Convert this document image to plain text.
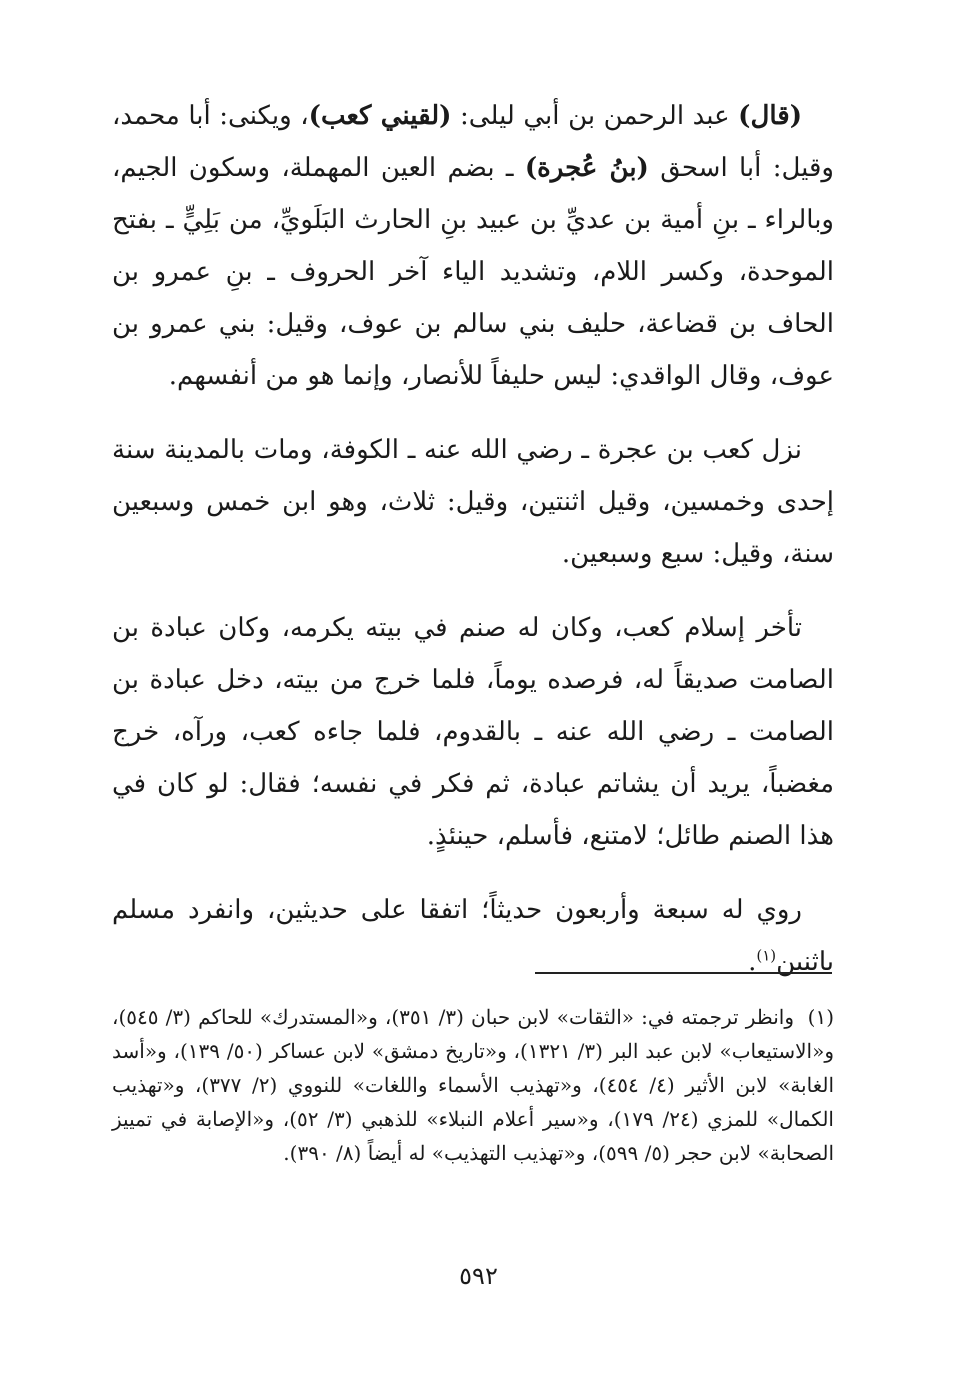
(قال) عبد الرحمن بن أبي ليلى: (لقيني كعب)، ويكنى: أبا محمد، وقيل: أبا اسحق (بنُ عُجرة) ـ بضم العين المهملة، وسكون الجيم، وبالراء ـ بنِ أمية بن عديِّ بن عبيد بنِ الحارث البَلَويِّ، من بَلِيٍّ ـ بفتح الموحدة، وكسر اللام، وتشديد الياء آخر الحروف ـ بنِ عمرو بن الحاف بن قضاعة، حليف بني سالم بن عوف، وقيل: بني عمرو بن عوف، وقال الواقدي: ليس حليفاً للأنصار، وإنما هو من أنفسهم.

نزل كعب بن عجرة ـ رضي الله عنه ـ الكوفة، ومات بالمدينة سنة إحدى وخمسين، وقيل اثنتين، وقيل: ثلاث، وهو ابن خمس وسبعين سنة، وقيل: سبع وسبعين.

تأخر إسلام كعب، وكان له صنم في بيته يكرمه، وكان عبادة بن الصامت صديقاً له، فرصده يوماً، فلما خرج من بيته، دخل عبادة بن الصامت ـ رضي الله عنه ـ بالقدوم، فلما جاءه كعب، ورآه، خرج مغضباً، يريد أن يشاتم عبادة، ثم فكر في نفسه؛ فقال: لو كان في هذا الصنم طائل؛ لامتنع، فأسلم، حينئذٍ.

روي له سبعة وأربعون حديثاً؛ اتفقا على حديثين، وانفرد مسلم باثنين$^{(١)}$.

(١)وانظر ترجمته في: «الثقات» لابن حبان (٣/ ٣٥١)، و«المستدرك» للحاكم (٣/ ٥٤٥)، و«الاستيعاب» لابن عبد البر (٣/ ١٣٢١)، و«تاريخ دمشق» لابن عساكر (٥٠/ ١٣٩)، و«أسد الغابة» لابن الأثير (٤/ ٤٥٤)، و«تهذيب الأسماء واللغات» للنووي (٢/ ٣٧٧)، و«تهذيب الكمال» للمزي (٢٤/ ١٧٩)، و«سير أعلام النبلاء» للذهبي (٣/ ٥٢)، و«الإصابة في تمييز الصحابة» لابن حجر (٥/ ٥٩٩)، و«تهذيب التهذيب» له أيضاً (٨/ ٣٩٠).
٥٩٢
